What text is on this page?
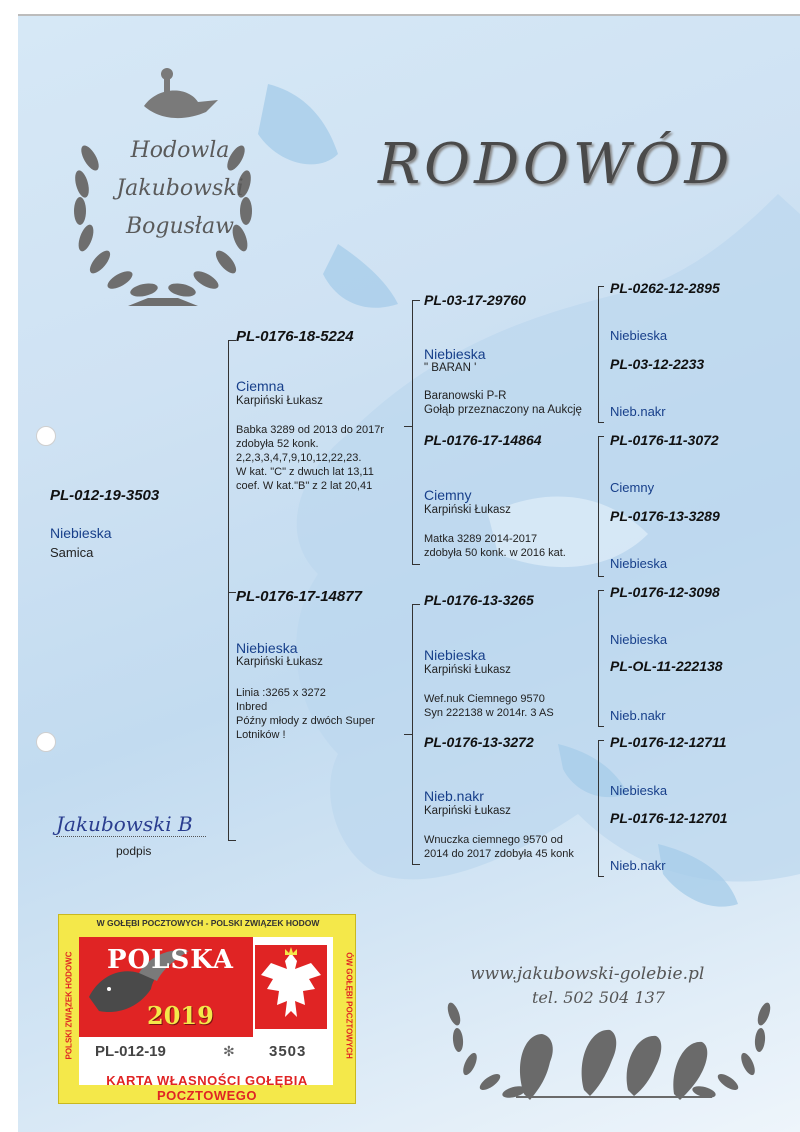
Hodowla
Jakubowski
Bogusław
RODOWÓD
PL-012-19-3503
Niebieska
Samica
PL-0176-18-5224
Ciemna
Karpiński Łukasz
Babka 3289 od 2013 do 2017r
zdobyła 52 konk.
2,2,3,3,4,7,9,10,12,22,23.
W kat. "C" z dwuch lat 13,11
coef. W kat."B" z 2 lat 20,41
PL-0176-17-14877
Niebieska
Karpiński Łukasz
Linia :3265 x 3272
Inbred
Późny młody z dwóch Super
Lotników !
PL-03-17-29760
Niebieska
" BARAN '
Baranowski P-R
Gołąb przeznaczony na Aukcję
PL-0176-17-14864
Ciemny
Karpiński Łukasz
Matka 3289 2014-2017
zdobyła 50 konk. w 2016 kat.
PL-0176-13-3265
Niebieska
Karpiński Łukasz
Wef.nuk Ciemnego 9570
Syn 222138 w 2014r. 3 AS
PL-0176-13-3272
Nieb.nakr
Karpiński Łukasz
Wnuczka ciemnego 9570 od
2014 do 2017 zdobyła 45 konk
PL-0262-12-2895
Niebieska
PL-03-12-2233
Nieb.nakr
PL-0176-11-3072
Ciemny
PL-0176-13-3289
Niebieska
PL-0176-12-3098
Niebieska
PL-OL-11-222138
Nieb.nakr
PL-0176-12-12711
Niebieska
PL-0176-12-12701
Nieb.nakr
Jakubowski B
podpis
www.jakubowski-golebie.pl
tel. 502 504 137
W GOŁĘBI POCZTOWYCH - POLSKI ZWIĄZEK HODOW
POLSKI ZWIĄZEK HODOWC	ÓW GOŁĘBI POCZTOWYCH
POLSKA
2019
PL-012-19	✻ 3503
KARTA WŁASNOŚCI GOŁĘBIA POCZTOWEGO
